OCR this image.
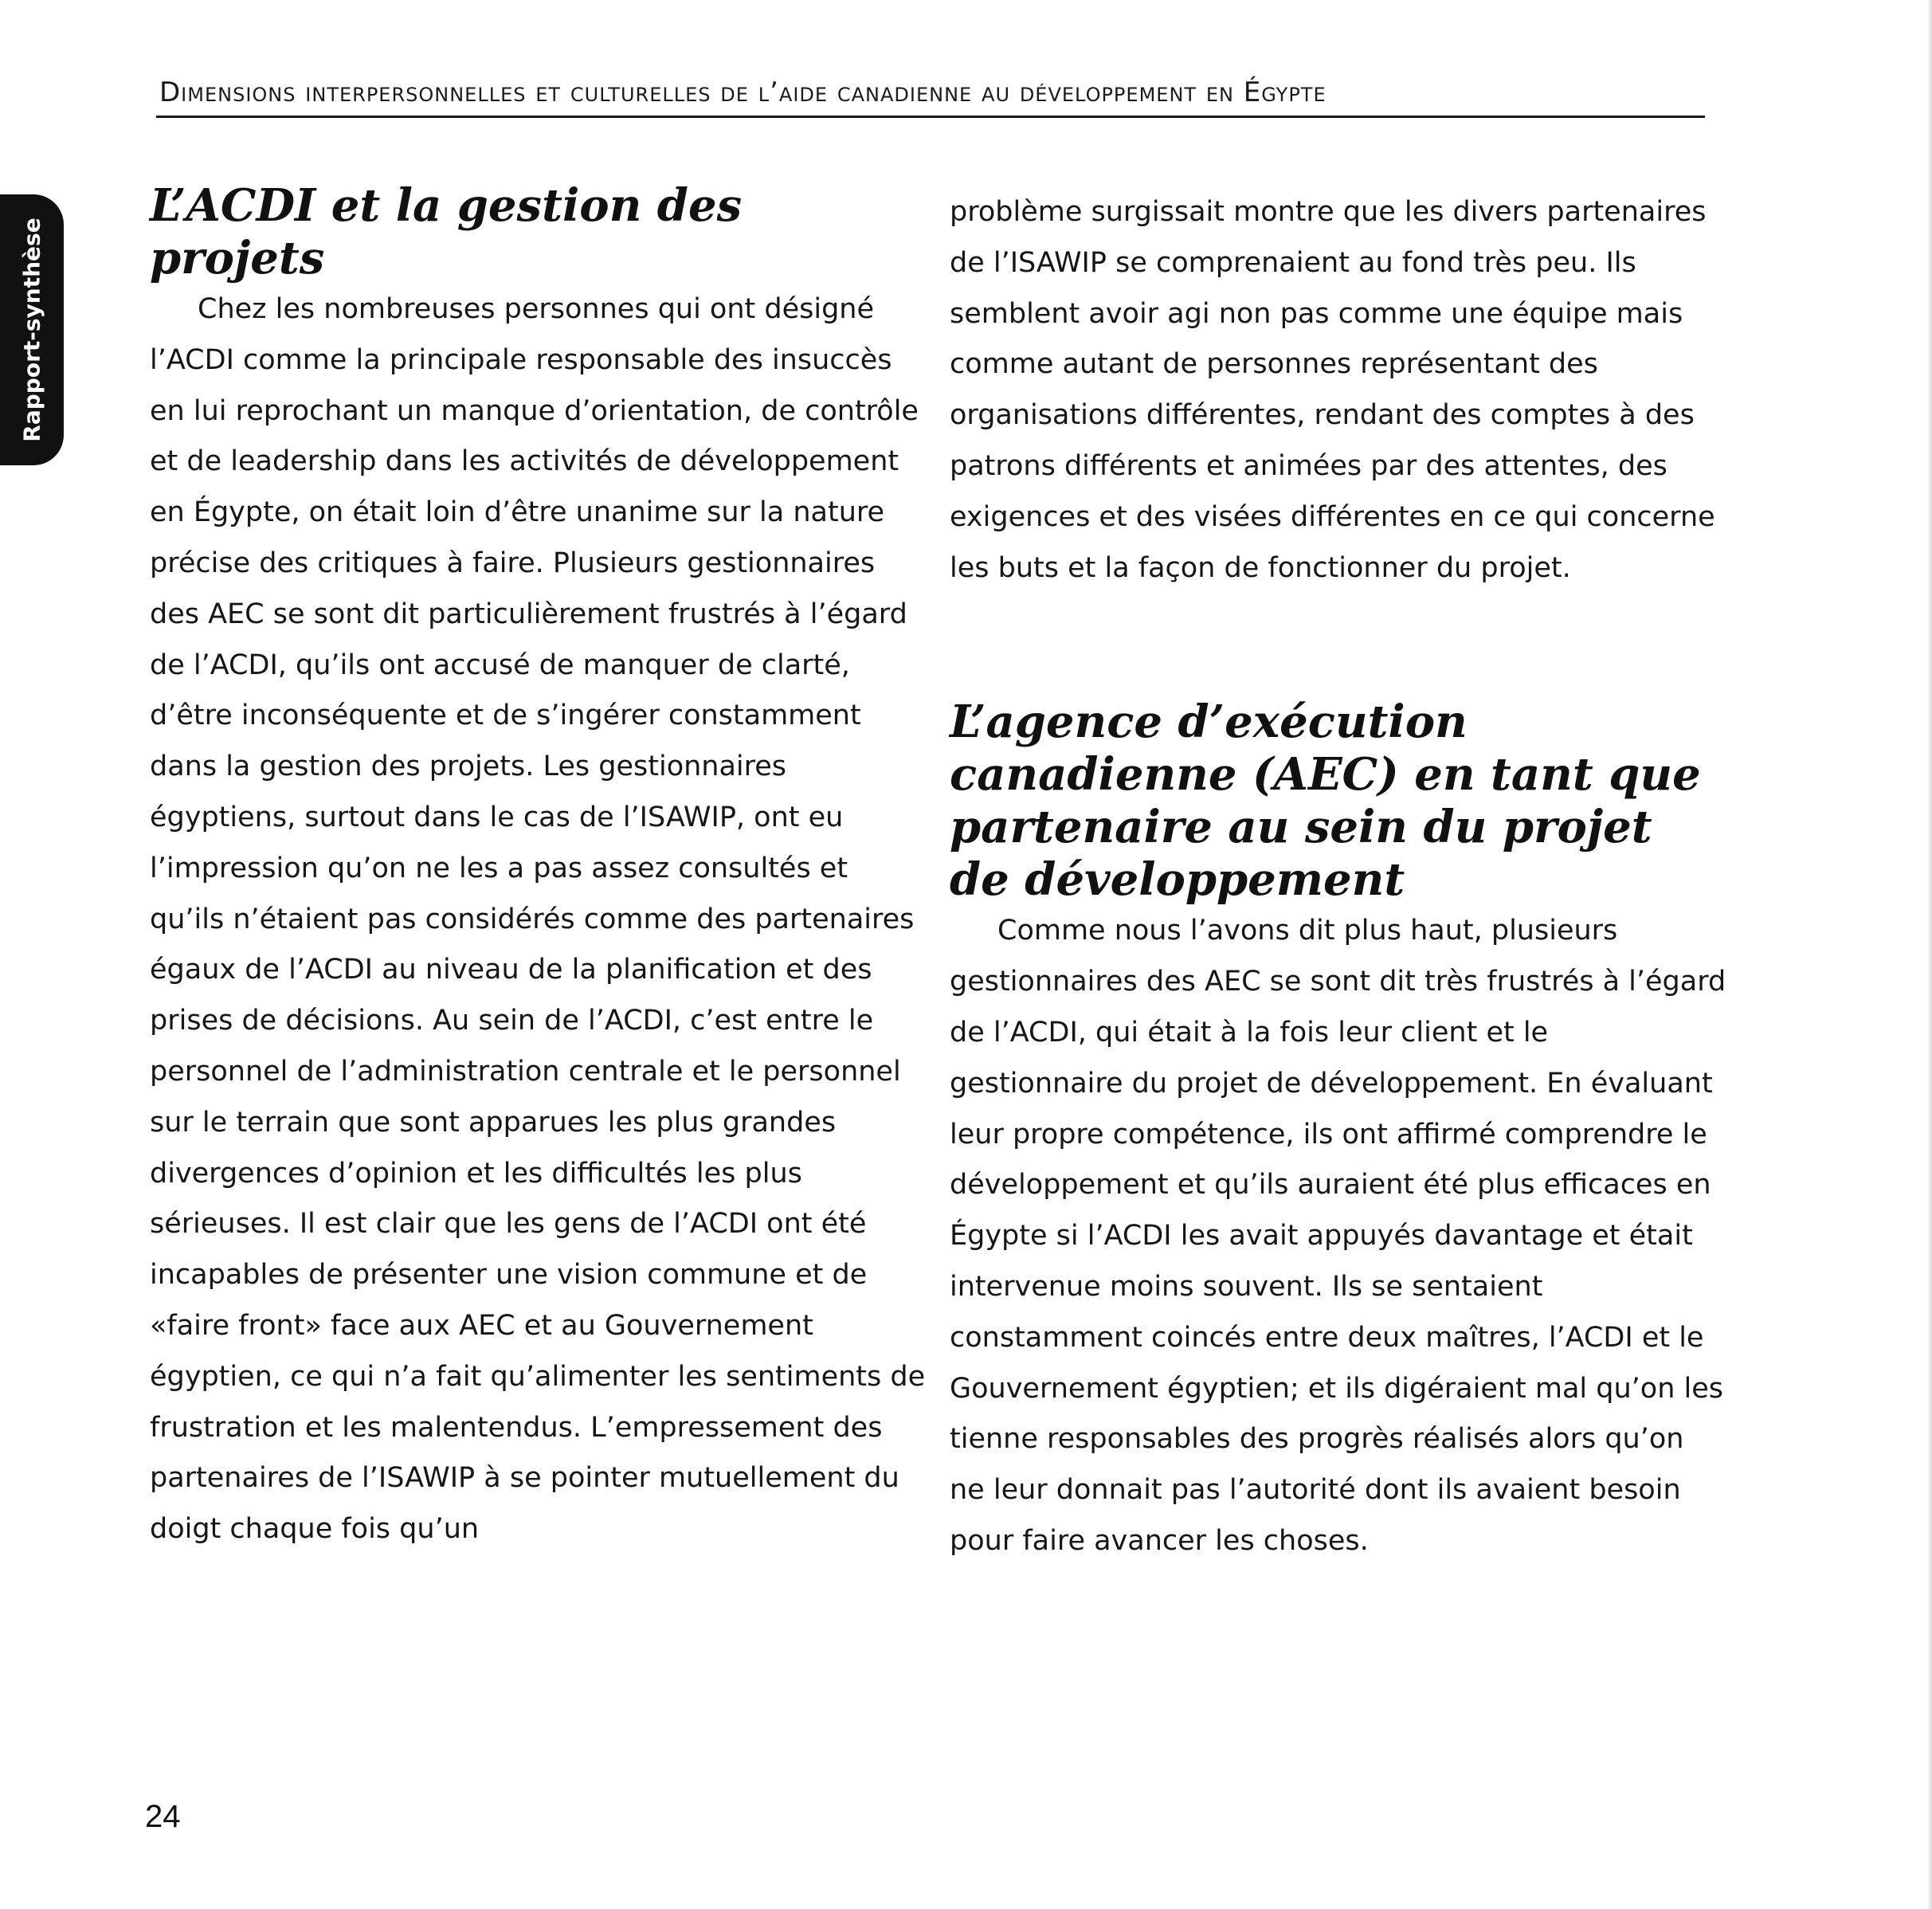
Dimensions interpersonnelles et culturelles de l’aide canadienne au développement en Égypte
Rapport-synthèse
L’ACDI et la gestion des projets

Chez les nombreuses personnes qui ont désigné l’ACDI comme la principale responsable des insuccès en lui reprochant un manque d’orientation, de contrôle et de leadership dans les activités de développement en Égypte, on était loin d’être unanime sur la nature précise des critiques à faire. Plusieurs gestionnaires des AEC se sont dit particulièrement frustrés à l’égard de l’ACDI, qu’ils ont accusé de manquer de clarté, d’être inconséquente et de s’ingérer constamment dans la gestion des projets. Les gestionnaires égyptiens, surtout dans le cas de l’ISAWIP, ont eu l’impression qu’on ne les a pas assez consultés et qu’ils n’étaient pas considérés comme des partenaires égaux de l’ACDI au niveau de la planification et des prises de décisions. Au sein de l’ACDI, c’est entre le personnel de l’administration centrale et le personnel sur le terrain que sont apparues les plus grandes divergences d’opinion et les difficultés les plus sérieuses. Il est clair que les gens de l’ACDI ont été incapables de présenter une vision commune et de «faire front» face aux AEC et au Gouvernement égyptien, ce qui n’a fait qu’alimenter les sentiments de frustration et les malentendus. L’empressement des partenaires de l’ISAWIP à se pointer mutuellement du doigt chaque fois qu’un

problème surgissait montre que les divers partenaires de l’ISAWIP se comprenaient au fond très peu. Ils semblent avoir agi non pas comme une équipe mais comme autant de personnes représentant des organisations différentes, rendant des comptes à des patrons différents et animées par des attentes, des exigences et des visées différentes en ce qui concerne les buts et la façon de fonctionner du projet.

L’agence d’exécution canadienne (AEC) en tant que partenaire au sein du projet de développement

Comme nous l’avons dit plus haut, plusieurs gestionnaires des AEC se sont dit très frustrés à l’égard de l’ACDI, qui était à la fois leur client et le gestionnaire du projet de développement. En évaluant leur propre compétence, ils ont affirmé comprendre le développement et qu’ils auraient été plus efficaces en Égypte si l’ACDI les avait appuyés davantage et était intervenue moins souvent. Ils se sentaient constamment coincés entre deux maîtres, l’ACDI et le Gouvernement égyptien; et ils digéraient mal qu’on les tienne responsables des progrès réalisés alors qu’on ne leur donnait pas l’autorité dont ils avaient besoin pour faire avancer les choses.

24
